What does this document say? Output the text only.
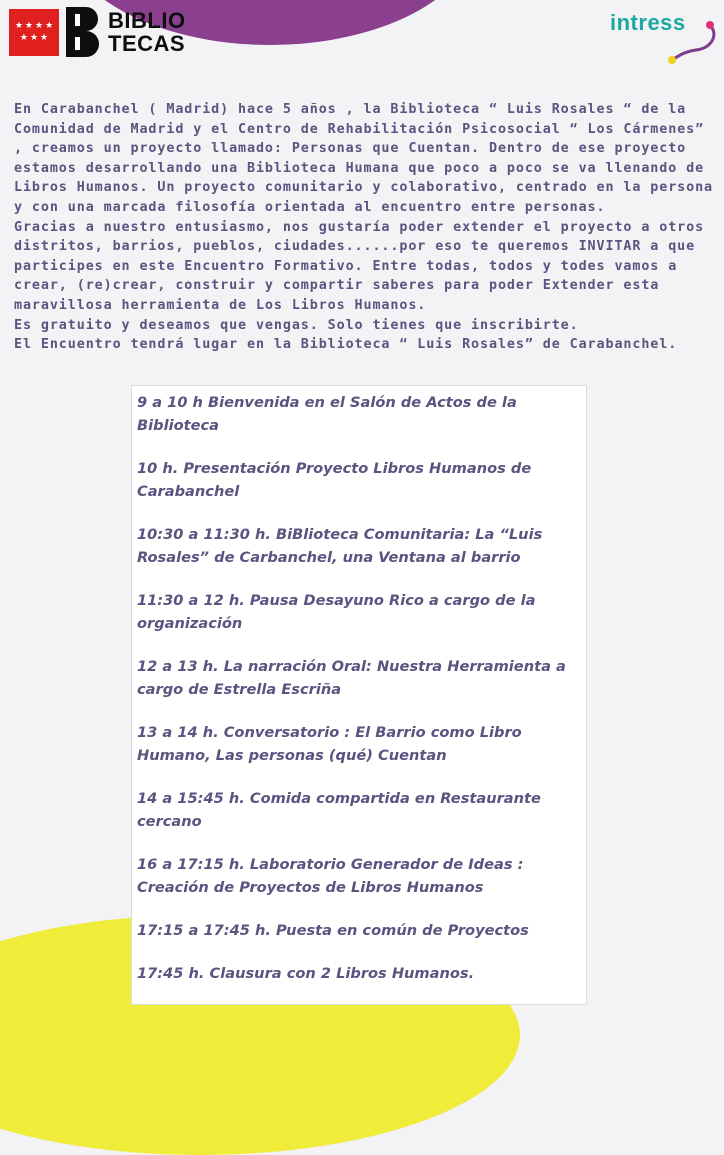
★ ★ ★ ★
★ ★ ★
BIBLIO
TECAS
intress

En Carabanchel ( Madrid) hace 5 años , la Biblioteca “ Luis Rosales “ de la Comunidad de Madrid y el Centro de Rehabilitación Psicosocial “ Los Cármenes” , creamos un proyecto llamado: Personas que Cuentan. Dentro de ese proyecto estamos desarrollando una Biblioteca Humana que poco a poco se va llenando de Libros Humanos. Un proyecto comunitario y colaborativo, centrado en la persona y con una marcada filosofía orientada al encuentro entre personas.

Gracias a nuestro entusiasmo, nos gustaría poder extender el proyecto a otros distritos, barrios, pueblos, ciudades......por eso te queremos INVITAR a que participes en este Encuentro Formativo. Entre todas, todos y todes vamos a crear, (re)crear, construir y compartir saberes para poder Extender esta maravillosa herramienta de Los Libros Humanos.

Es gratuito y deseamos que vengas. Solo tienes que inscribirte.

El Encuentro tendrá lugar en la Biblioteca “ Luis Rosales” de Carabanchel.

9 a 10 h Bienvenida en el Salón de Actos de la Biblioteca
10 h. Presentación Proyecto Libros Humanos de Carabanchel
10:30 a 11:30 h. BiBlioteca Comunitaria: La “Luis Rosales” de Carbanchel, una Ventana al barrio
11:30 a 12 h. Pausa Desayuno Rico a cargo de la organización
12 a 13 h. La narración Oral: Nuestra Herramienta a cargo de Estrella Escriña
13 a 14 h. Conversatorio : El Barrio como Libro Humano, Las personas (qué) Cuentan
14 a 15:45 h. Comida compartida en Restaurante cercano
16 a 17:15 h. Laboratorio Generador de Ideas : Creación de Proyectos de Libros Humanos
17:15 a 17:45 h. Puesta en común de Proyectos
17:45 h. Clausura con 2 Libros Humanos.
